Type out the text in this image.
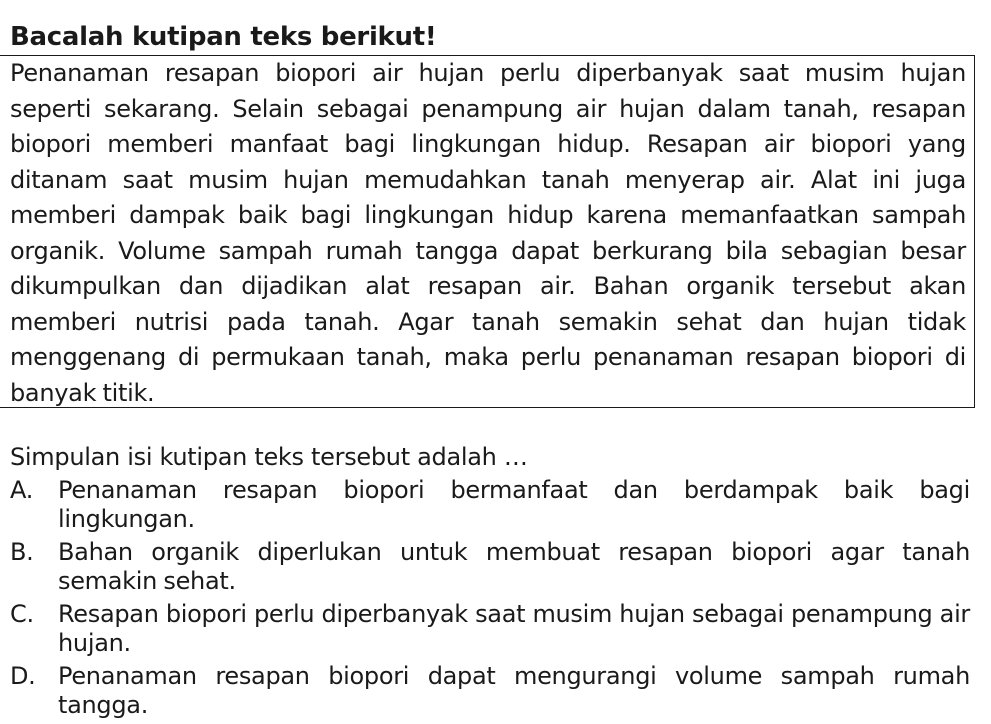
Bacalah kutipan teks berikut!

Penanaman resapan biopori air hujan perlu diperbanyak saat musim hujan seperti sekarang. Selain sebagai penampung air hujan dalam tanah, resapan biopori memberi manfaat bagi lingkungan hidup. Resapan air biopori yang ditanam saat musim hujan memudahkan tanah menyerap air. Alat ini juga memberi dampak baik bagi lingkungan hidup karena memanfaatkan sampah organik. Volume sampah rumah tangga dapat berkurang bila sebagian besar dikumpulkan dan dijadikan alat resapan air. Bahan organik tersebut akan memberi nutrisi pada tanah. Agar tanah semakin sehat dan hujan tidak menggenang di permukaan tanah, maka perlu penanaman resapan biopori di banyak titik.

Simpulan isi kutipan teks tersebut adalah …
A.	Penanaman resapan biopori bermanfaat dan berdampak baik bagi lingkungan.
B.	Bahan organik diperlukan untuk membuat resapan biopori agar tanah semakin sehat.
C.	Resapan biopori perlu diperbanyak saat musim hujan sebagai penampung air hujan.
D. Penanaman resapan biopori dapat mengurangi volume sampah rumah tangga.
